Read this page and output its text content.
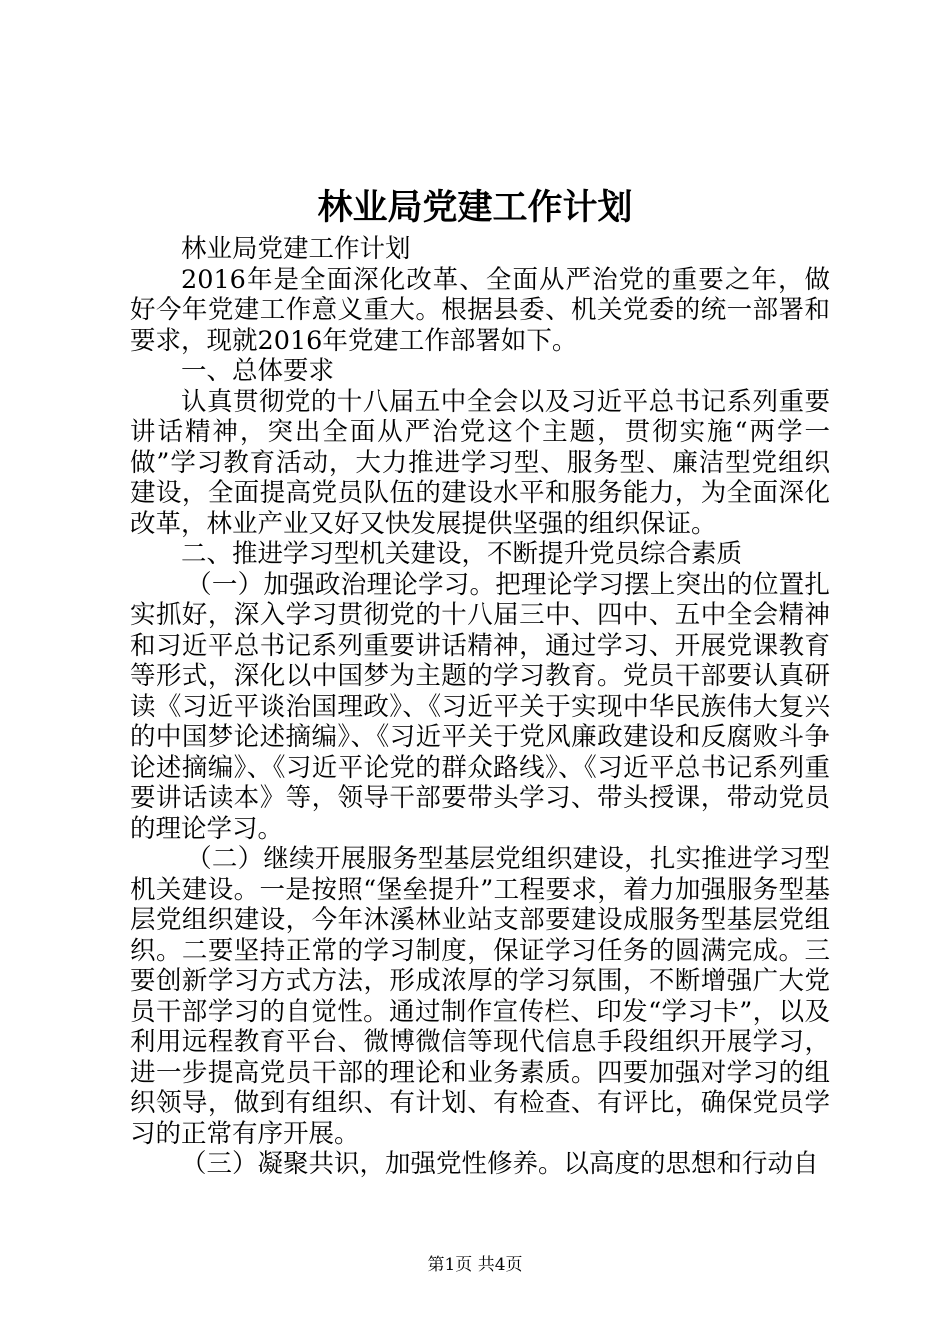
林业局党建工作计划

林业局党建工作计划

2016年是全面深化改革、全面从严治党的重要之年，做好今年党建工作意义重大。根据县委、机关党委的统一部署和要求，现就2016年党建工作部署如下。

一、总体要求

认真贯彻党的十八届五中全会以及习近平总书记系列重要讲话精神，突出全面从严治党这个主题，贯彻实施“两学一做”学习教育活动，大力推进学习型、服务型、廉洁型党组织建设，全面提高党员队伍的建设水平和服务能力，为全面深化改革，林业产业又好又快发展提供坚强的组织保证。

二、推进学习型机关建设，不断提升党员综合素质

（一）加强政治理论学习。把理论学习摆上突出的位置扎实抓好，深入学习贯彻党的十八届三中、四中、五中全会精神和习近平总书记系列重要讲话精神，通过学习、开展党课教育等形式，深化以中国梦为主题的学习教育。党员干部要认真研读《习近平谈治国理政》、《习近平关于实现中华民族伟大复兴的中国梦论述摘编》、《习近平关于党风廉政建设和反腐败斗争论述摘编》、《习近平论党的群众路线》、《习近平总书记系列重要讲话读本》等，领导干部要带头学习、带头授课，带动党员的理论学习。

（二）继续开展服务型基层党组织建设，扎实推进学习型机关建设。一是按照“堡垒提升”工程要求，着力加强服务型基层党组织建设，今年沐溪林业站支部要建设成服务型基层党组织。二要坚持正常的学习制度，保证学习任务的圆满完成。三要创新学习方式方法，形成浓厚的学习氛围，不断增强广大党员干部学习的自觉性。通过制作宣传栏、印发“学习卡”，以及利用远程教育平台、微博微信等现代信息手段组织开展学习，进一步提高党员干部的理论和业务素质。四要加强对学习的组织领导，做到有组织、有计划、有检查、有评比，确保党员学习的正常有序开展。

（三）凝聚共识，加强党性修养。以高度的思想和行动自

第1页 共4页
